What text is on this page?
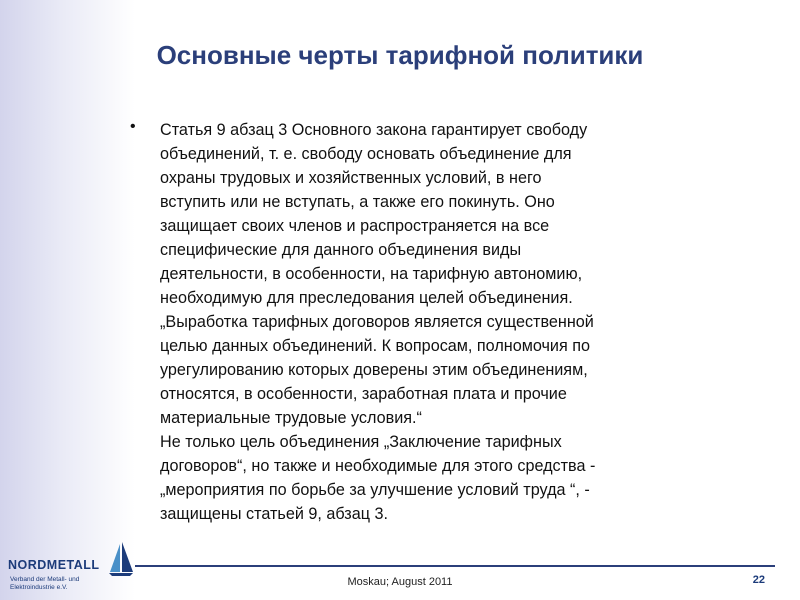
Основные черты тарифной политики
• Статья 9 абзац 3 Основного закона гарантирует свободу

объединений, т. е. свободу основать объединение для

охраны трудовых и хозяйственных условий, в него

вступить или не вступать, а также его покинуть. Оно

защищает своих членов и распространяется на все

специфические для данного объединения виды

деятельности, в особенности, на тарифную автономию,

необходимую для преследования целей объединения.

„Выработка тарифных договоров является существенной

целью данных объединений. К вопросам, полномочия по

урегулированию которых доверены этим объединениям,

относятся, в особенности, заработная плата и прочие

материальные трудовые условия.“

Не только цель объединения „Заключение тарифных

договоров“, но также и необходимые для этого средства -

„мероприятия по борьбе за улучшение условий труда “, -

защищены статьей 9, абзац 3.

NORDMETALL
Verband der Metall- und
Elektroindustrie e.V.	Moskau; August 2011	22
